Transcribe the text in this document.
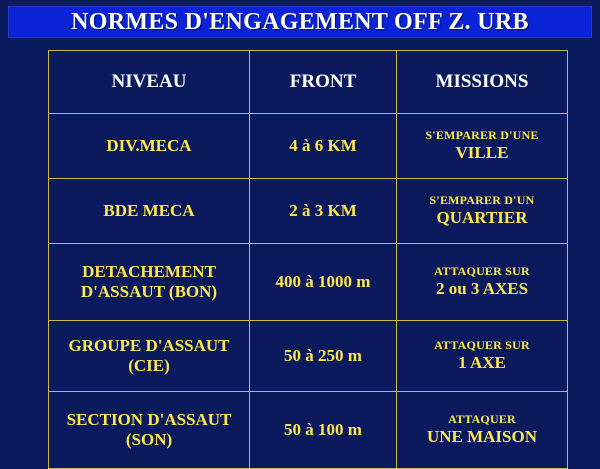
NORMES D'ENGAGEMENT OFF Z. URB
NIVEAU	FRONT	MISSIONS
DIV.MECA	4 à 6 KM	S'EMPARER D'UNE
VILLE

BDE MECA	2 à 3 KM	S'EMPARER D'UN
QUARTIER

DETACHEMENT D'ASSAUT (BON)	400 à 1000 m	ATTAQUER SUR
2 ou 3 AXES

GROUPE D'ASSAUT (CIE)	50 à 250 m	ATTAQUER SUR
1 AXE

SECTION D'ASSAUT (SON)	50 à 100 m	ATTAQUER
UNE MAISON
